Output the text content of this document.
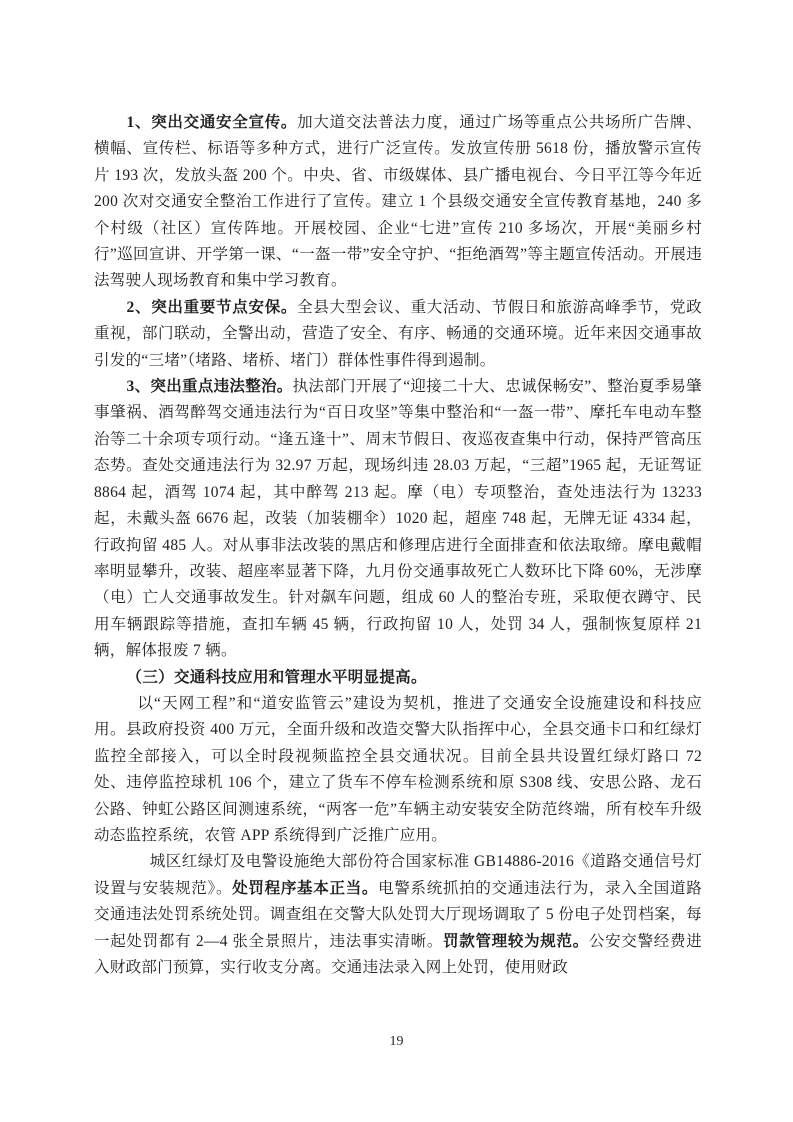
1、突出交通安全宣传。加大道交法普法力度，通过广场等重点公共场所广告牌、横幅、宣传栏、标语等多种方式，进行广泛宣传。发放宣传册 5618 份，播放警示宣传片 193 次，发放头盔 200 个。中央、省、市级媒体、县广播电视台、今日平江等今年近 200 次对交通安全整治工作进行了宣传。建立 1 个县级交通安全宣传教育基地，240 多个村级（社区）宣传阵地。开展校园、企业“七进”宣传 210 多场次，开展“美丽乡村行”巡回宣讲、开学第一课、“一盔一带”安全守护、“拒绝酒驾”等主题宣传活动。开展违法驾驶人现场教育和集中学习教育。

2、突出重要节点安保。全县大型会议、重大活动、节假日和旅游高峰季节，党政重视，部门联动，全警出动，营造了安全、有序、畅通的交通环境。近年来因交通事故引发的“三堵”（堵路、堵桥、堵门）群体性事件得到遏制。

3、突出重点违法整治。执法部门开展了“迎接二十大、忠诚保畅安”、整治夏季易肇事肇祸、酒驾醉驾交通违法行为“百日攻坚”等集中整治和“一盔一带”、摩托车电动车整治等二十余项专项行动。“逢五逢十”、周末节假日、夜巡夜查集中行动，保持严管高压态势。查处交通违法行为 32.97 万起，现场纠违 28.03 万起，“三超”1965 起，无证驾证 8864 起，酒驾 1074 起，其中醉驾 213 起。摩（电）专项整治，查处违法行为 13233 起，未戴头盔 6676 起，改装（加装棚伞）1020 起，超座 748 起，无牌无证 4334 起，行政拘留 485 人。对从事非法改装的黑店和修理店进行全面排查和依法取缔。摩电戴帽率明显攀升，改装、超座率显著下降，九月份交通事故死亡人数环比下降 60%，无涉摩（电）亡人交通事故发生。针对飙车问题，组成 60 人的整治专班，采取便衣蹲守、民用车辆跟踪等措施，查扣车辆 45 辆，行政拘留 10 人，处罚 34 人，强制恢复原样 21 辆，解体报废 7 辆。

（三）交通科技应用和管理水平明显提高。

以“天网工程”和“道安监管云”建设为契机，推进了交通安全设施建设和科技应用。县政府投资 400 万元，全面升级和改造交警大队指挥中心，全县交通卡口和红绿灯监控全部接入，可以全时段视频监控全县交通状况。目前全县共设置红绿灯路口 72 处、违停监控球机 106 个，建立了货车不停车检测系统和原 S308 线、安思公路、龙石公路、钟虹公路区间测速系统，“两客一危”车辆主动安装安全防范终端，所有校车升级动态监控系统，农管 APP 系统得到广泛推广应用。

城区红绿灯及电警设施绝大部份符合国家标准 GB14886-2016《道路交通信号灯设置与安装规范》。处罚程序基本正当。电警系统抓拍的交通违法行为，录入全国道路交通违法处罚系统处罚。调查组在交警大队处罚大厅现场调取了 5 份电子处罚档案，每一起处罚都有 2—4 张全景照片，违法事实清晰。罚款管理较为规范。公安交警经费进入财政部门预算，实行收支分离。交通违法录入网上处罚，使用财政

19
